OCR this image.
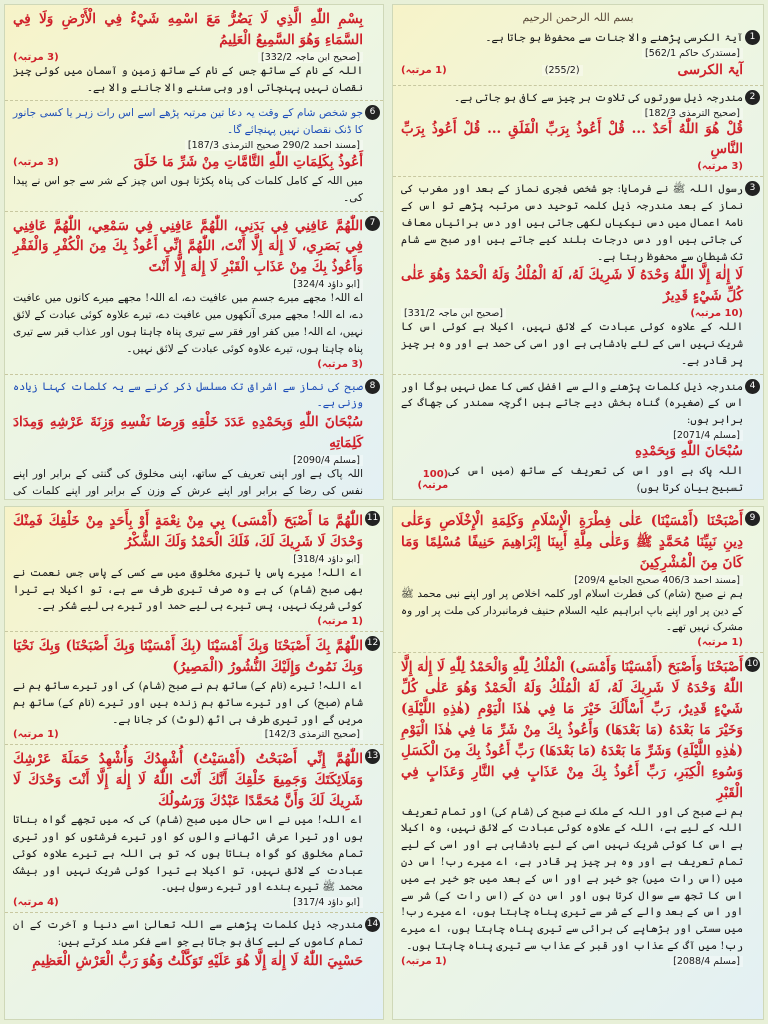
بسم اللہ الرحمن الرحیم
1
آیۃ الکرسی پڑھنے والا جنات سے محفوظ ہو جاتا ہے۔
[مستدرک حاکم 562/1]
آیۃ الکرسی
(255/2)
(1 مرتبہ)
2
مندرجہ ذیل سورتوں کی تلاوت ہر چیز سے کافی ہو جاتی ہے۔
[صحیح الترمذی 182/3]
قُلْ هُوَ اللّٰهُ أَحَدٌ ... قُلْ أَعُوذُ بِرَبِّ الْفَلَقِ ... قُلْ أَعُوذُ بِرَبِّ النَّاسِ
(3 مرتبہ)
3
رسول اللہ ﷺ نے فرمایا: جو شخص فجری نماز کے بعد اور مغرب کی نماز کے بعد مندرجہ ذیل کلمہ توحید دس مرتبہ پڑھے تو اس کے نامۂ اعمال میں دس نیکیاں لکھی جاتی ہیں اور دس برائیاں معاف کی جاتی ہیں اور دس درجات بلند کیے جاتے ہیں اور صبح سے شام تک شیطان سے محفوظ رہتا ہے۔
لَا إِلٰهَ إِلَّا اللّٰهُ وَحْدَهُ لَا شَرِيكَ لَهُ، لَهُ الْمُلْكُ وَلَهُ الْحَمْدُ وَهُوَ عَلٰى كُلِّ شَيْءٍ قَدِيرٌ
(10 مرتبہ)
[صحیح ابن ماجہ 331/2]
اللہ کے علاوہ کوئی عبادت کے لائق نہیں، اکیلا ہے کوئی اس کا شریک نہیں اسی کے لئے بادشاہی ہے اور اسی کی حمد ہے اور وہ ہر چیز پر قادر ہے۔
4
مندرجہ ذیل کلمات پڑھنے والے سے افضل کسی کا عمل نہیں ہوگا اور اس کے (صغیرہ) گناہ بخش دیے جاتے ہیں اگرچہ سمندر کی جھاگ کے برابر ہوں:
[مسلم 2071/4]
سُبْحَانَ اللّٰهِ وَبِحَمْدِهِ
اللہ پاک ہے اور اس کی تعریف کے ساتھ (میں اس کی تسبیح بیان کرتا ہوں)
(100 مرتبہ)
بِسْمِ اللّٰهِ الَّذِي لَا يَضُرُّ مَعَ اسْمِهِ شَيْءٌ فِي الْأَرْضِ وَلَا فِي السَّمَاءِ وَهُوَ السَّمِيعُ الْعَلِيمُ
[صحیح ابن ماجہ 332/2]
(3 مرتبہ)
اللہ کے نام کے ساتھ جس کے نام کے ساتھ زمین و آسمان میں کوئی چیز نقصان نہیں پہنچاتی اور وہی سننے والا جاننے والا ہے۔
6
جو شخص شام کے وقت یہ دعا تین مرتبہ پڑھے اسے اس رات زہر یا کسی جانور کا ڈنک نقصان نہیں پہنچائے گا۔
[مسند احمد 290/2 صحیح الترمذی 187/3]
أَعُوذُ بِكَلِمَاتِ اللّٰهِ التَّامَّاتِ مِنْ شَرِّ مَا خَلَقَ
(3 مرتبہ)
میں اللہ کے کامل کلمات کی پناہ پکڑتا ہوں اس چیز کے شر سے جو اس نے پیدا کی۔
7
اللّٰهُمَّ عَافِنِي فِي بَدَنِي، اللّٰهُمَّ عَافِنِي فِي سَمْعِي، اللّٰهُمَّ عَافِنِي فِي بَصَرِي، لَا إِلٰهَ إِلَّا أَنْتَ، اللّٰهُمَّ إِنِّي أَعُوذُ بِكَ مِنَ الْكُفْرِ وَالْفَقْرِ وَأَعُوذُ بِكَ مِنْ عَذَابِ الْقَبْرِ لَا إِلٰهَ إِلَّا أَنْتَ
[ابو داؤد 324/4]
اے اللہ! مجھے میرے جسم میں عافیت دے، اے اللہ! مجھے میرے کانوں میں عافیت دے، اے اللہ! مجھے میری آنکھوں میں عافیت دے، تیرے علاوہ کوئی عبادت کے لائق نہیں، اے اللہ! میں کفر اور فقر سے تیری پناہ چاہتا ہوں اور عذاب قبر سے تیری پناہ چاہتا ہوں، تیرے علاوہ کوئی عبادت کے لائق نہیں۔
(3 مرتبہ)
8
صبح کی نماز سے اشراق تک مسلسل ذکر کرنے سے یہ کلمات کہنا زیادہ وزنی ہے۔
سُبْحَانَ اللّٰهِ وَبِحَمْدِهِ عَدَدَ خَلْقِهِ وَرِضَا نَفْسِهِ وَزِنَةَ عَرْشِهِ وَمِدَادَ كَلِمَاتِهِ
[مسلم 2090/4]
اللہ پاک ہے اور اپنی تعریف کے ساتھ، اپنی مخلوق کی گنتی کے برابر اور اپنے نفس کی رضا کے برابر اور اپنے عرش کے وزن کے برابر اور اپنے کلمات کی
9
أَصْبَحْنَا (أَمْسَيْنَا) عَلٰى فِطْرَةِ الْإِسْلَامِ وَكَلِمَةِ الْإِخْلَاصِ وَعَلٰى دِينِ نَبِيِّنَا مُحَمَّدٍ ﷺ وَعَلٰى مِلَّةِ أَبِينَا إِبْرَاهِيمَ حَنِيفًا مُسْلِمًا وَمَا كَانَ مِنَ الْمُشْرِكِينَ
[مسند احمد 406/3 صحیح الجامع 209/4]
ہم نے صبح (شام) کی فطرت اسلام اور کلمہ اخلاص پر اور اپنے نبی محمد ﷺ کے دین پر اور اپنے باپ ابراہیم علیہ السلام حنیف فرمانبردار کی ملت پر اور وہ مشرک نہیں تھے۔
(1 مرتبہ)
10
أَصْبَحْنَا وَأَصْبَحَ (أَمْسَيْنَا وَأَمْسَى) الْمُلْكُ لِلّٰهِ وَالْحَمْدُ لِلّٰهِ لَا إِلٰهَ إِلَّا اللّٰهُ وَحْدَهُ لَا شَرِيكَ لَهُ، لَهُ الْمُلْكُ وَلَهُ الْحَمْدُ وَهُوَ عَلٰى كُلِّ شَيْءٍ قَدِيرٌ، رَبِّ أَسْأَلُكَ خَيْرَ مَا فِي هٰذَا الْيَوْمِ (هٰذِهِ اللَّيْلَةِ) وَخَيْرَ مَا بَعْدَهُ (مَا بَعْدَهَا) وَأَعُوذُ بِكَ مِنْ شَرِّ مَا فِي هٰذَا الْيَوْمِ (هٰذِهِ اللَّيْلَةِ) وَشَرِّ مَا بَعْدَهُ (مَا بَعْدَهَا) رَبِّ أَعُوذُ بِكَ مِنَ الْكَسَلِ وَسُوءِ الْكِبَرِ، رَبِّ أَعُوذُ بِكَ مِنْ عَذَابٍ فِي النَّارِ وَعَذَابٍ فِي الْقَبْرِ
ہم نے صبح کی اور اللہ کے ملک نے صبح کی (شام کی) اور تمام تعریف اللہ کے لیے ہے، اللہ کے علاوہ کوئی عبادت کے لائق نہیں، وہ اکیلا ہے اس کا کوئی شریک نہیں اسی کے لیے بادشاہی ہے اور اسی کے لیے تمام تعریف ہے اور وہ ہر چیز پر قادر ہے، اے میرے رب! اس دن میں (اس رات میں) جو خیر ہے اور اس کے بعد میں جو خیر ہے میں اس کا تجھ سے سوال کرتا ہوں اور اس دن کے (اس رات کے) شر سے اور اس کے بعد والے کے شر سے تیری پناہ چاہتا ہوں، اے میرے رب! میں سستی اور بڑھاپے کی برائی سے تیری پناہ چاہتا ہوں، اے میرے رب! میں آگ کے عذاب اور قبر کے عذاب سے تیری پناہ چاہتا ہوں۔
[مسلم 2088/4]
(1 مرتبہ)
11
اللّٰهُمَّ مَا أَصْبَحَ (أَمْسَى) بِي مِنْ نِعْمَةٍ أَوْ بِأَحَدٍ مِنْ خَلْقِكَ فَمِنْكَ وَحْدَكَ لَا شَرِيكَ لَكَ، فَلَكَ الْحَمْدُ وَلَكَ الشُّكْرُ
[ابو داؤد 318/4]
اے اللہ! میرے پاس یا تیری مخلوق میں سے کسی کے پاس جس نعمت نے بھی صبح (شام) کی ہے وہ صرف تیری طرف سے ہے، تو اکیلا ہے تیرا کوئی شریک نہیں، پس تیرے ہی لیے حمد اور تیرے ہی لیے شکر ہے۔
(1 مرتبہ)
12
اللّٰهُمَّ بِكَ أَصْبَحْنَا وَبِكَ أَمْسَيْنَا (بِكَ أَمْسَيْنَا وَبِكَ أَصْبَحْنَا) وَبِكَ نَحْيَا وَبِكَ نَمُوتُ وَإِلَيْكَ النُّشُورُ (الْمَصِيرُ)
اے اللہ! تیرے (نام کے) ساتھ ہم نے صبح (شام) کی اور تیرے ساتھ ہم نے شام (صبح) کی اور تیرے ساتھ ہم زندہ ہیں اور تیرے (نام کے) ساتھ ہم مریں گے اور تیری طرف ہی اٹھ (لوٹ) کر جانا ہے۔
[صحیح الترمذی 142/3]
(1 مرتبہ)
13
اللّٰهُمَّ إِنِّي أَصْبَحْتُ (أَمْسَيْتُ) أُشْهِدُكَ وَأُشْهِدُ حَمَلَةَ عَرْشِكَ وَمَلَائِكَتَكَ وَجَمِيعَ خَلْقِكَ أَنَّكَ أَنْتَ اللّٰهُ لَا إِلٰهَ إِلَّا أَنْتَ وَحْدَكَ لَا شَرِيكَ لَكَ وَأَنَّ مُحَمَّدًا عَبْدُكَ وَرَسُولُكَ
اے اللہ! میں نے اس حال میں صبح (شام) کی کہ میں تجھے گواہ بناتا ہوں اور تیرا عرش اٹھانے والوں کو اور تیرے فرشتوں کو اور تیری تمام مخلوق کو گواہ بناتا ہوں کہ تو ہی اللہ ہے تیرے علاوہ کوئی عبادت کے لائق نہیں، تو اکیلا ہے تیرا کوئی شریک نہیں اور بیشک محمد ﷺ تیرے بندے اور تیرے رسول ہیں۔
[ابو داؤد 317/4]
(4 مرتبہ)
14
مندرجہ ذیل کلمات پڑھنے سے اللہ تعالیٰ اسے دنیا و آخرت کے ان تمام کاموں کے لیے کافی ہو جاتا ہے جو اسے فکر مند کرتے ہیں:
حَسْبِيَ اللّٰهُ لَا إِلٰهَ إِلَّا هُوَ عَلَيْهِ تَوَكَّلْتُ وَهُوَ رَبُّ الْعَرْشِ الْعَظِيمِ
